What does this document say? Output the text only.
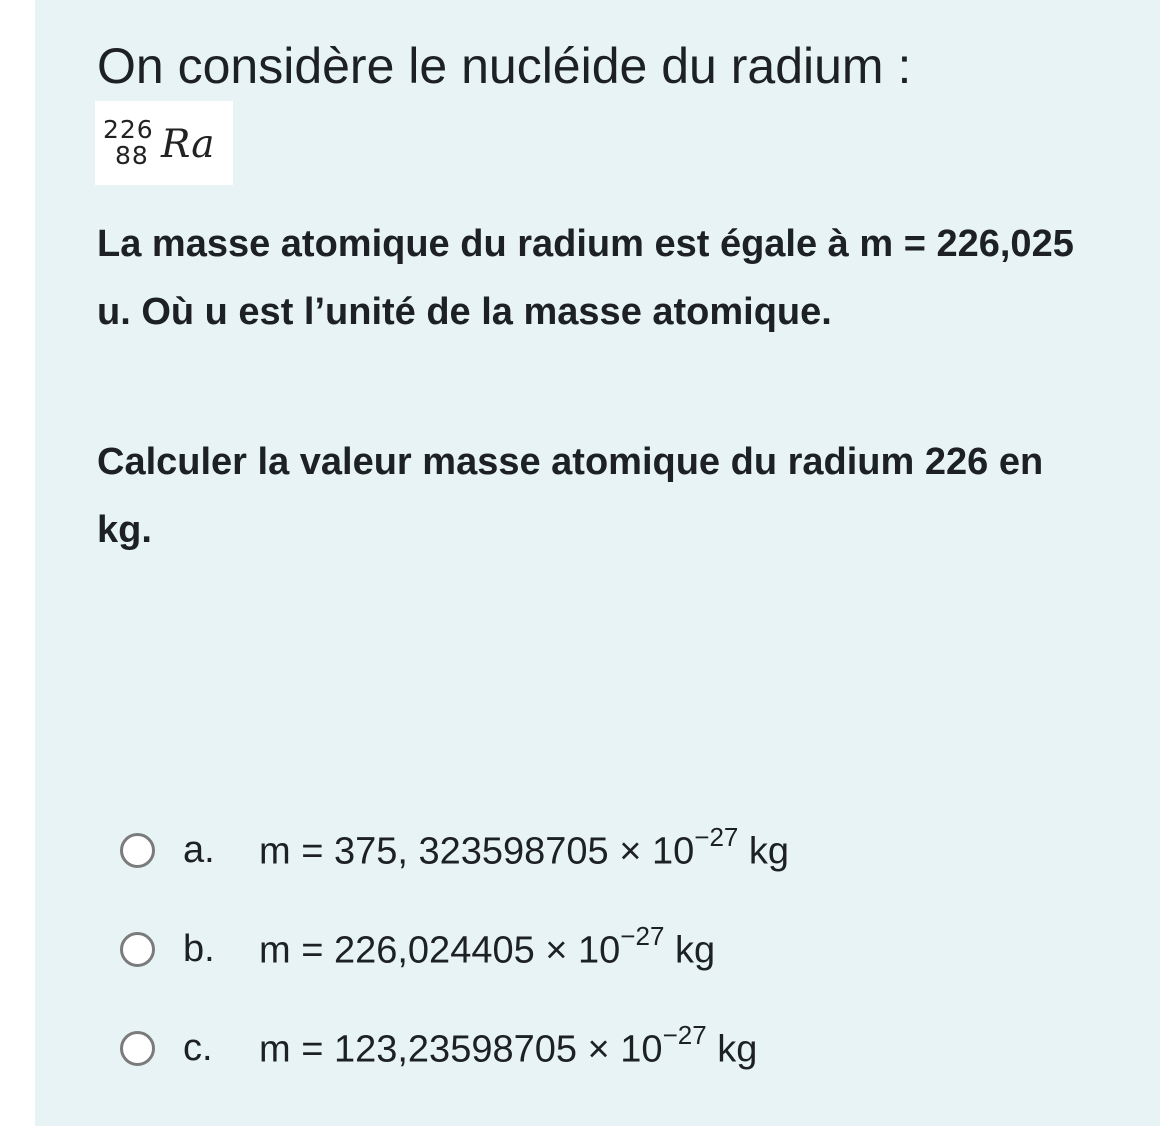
On considère le nucléide du radium :
226
88 Ra

La masse atomique du radium est égale à m = 226,025 u. Où u est l’unité de la masse atomique.

Calculer la valeur masse atomique du radium 226 en kg.

a.	m = 375, $323598705 \times 10^{-27}$ kg
b.	$m = 226,024405 \times 10^{-27}$ kg
c.	$m = 123,23598705 \times 10^{-27}$ kg
